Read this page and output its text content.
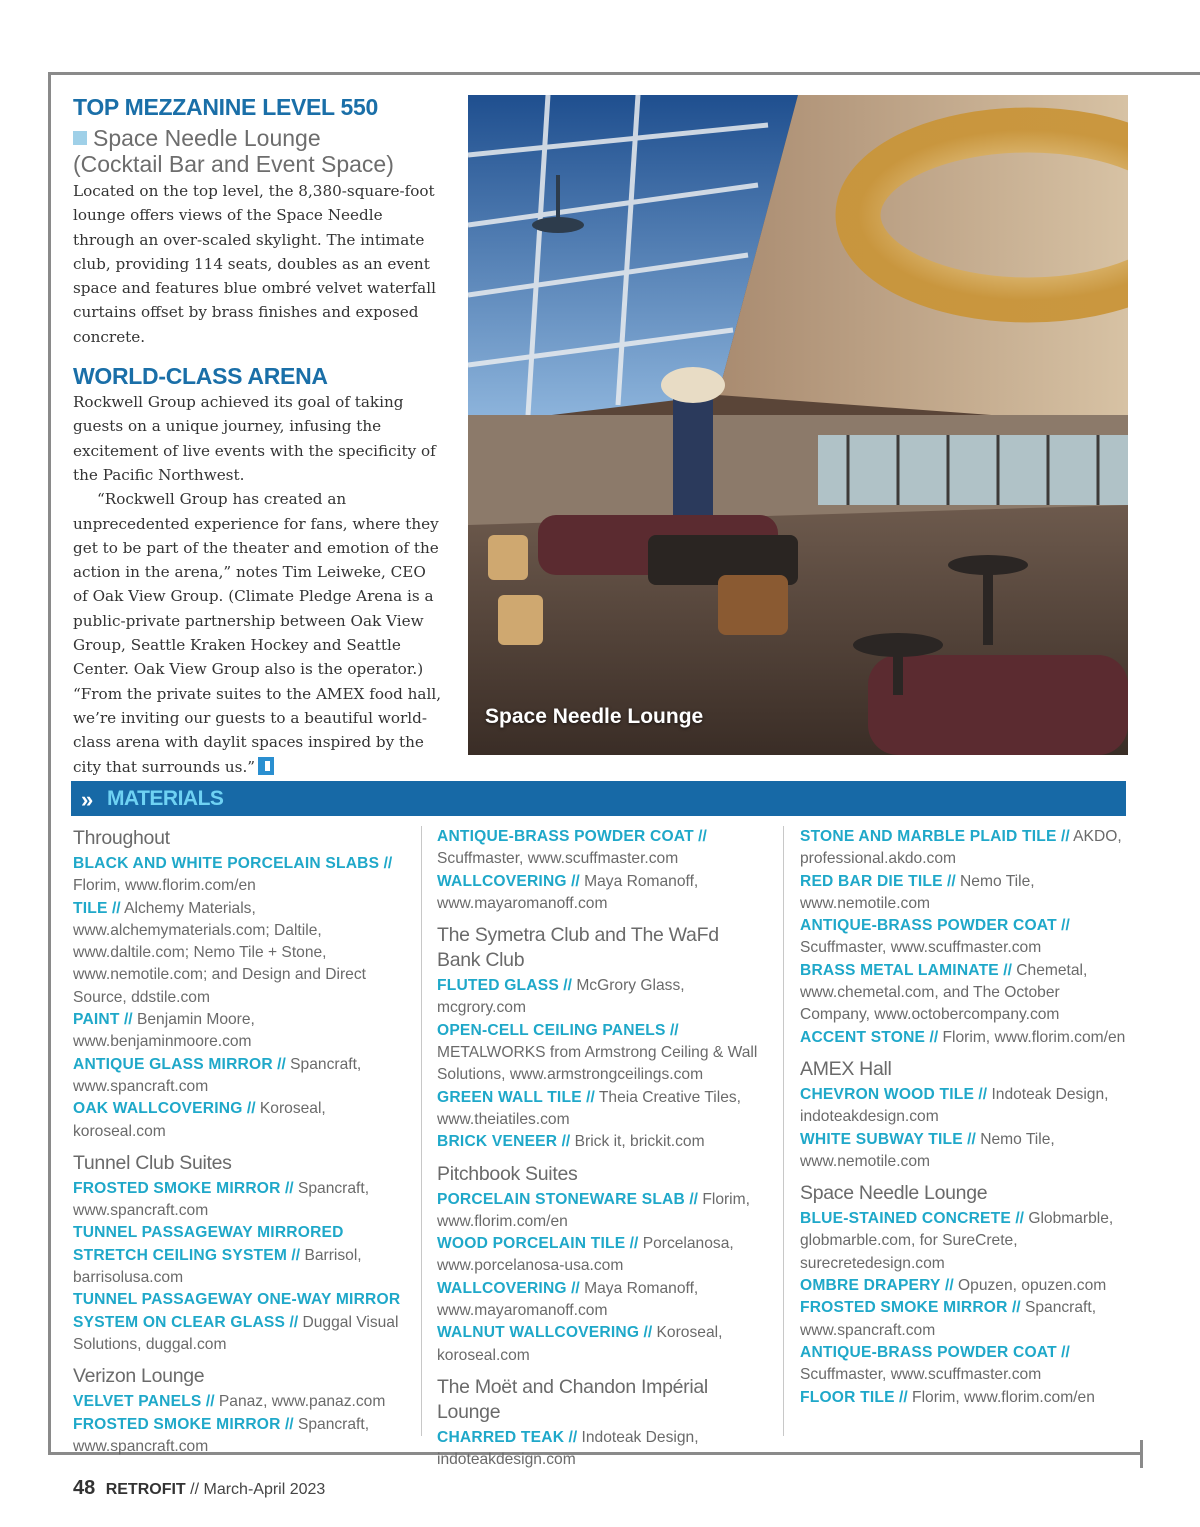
TOP MEZZANINE LEVEL 550
Space Needle Lounge
(Cocktail Bar and Event Space)

Located on the top level, the 8,380-square-foot lounge offers views of the Space Needle through an over-scaled skylight. The intimate club, providing 114 seats, doubles as an event space and features blue ombré velvet waterfall curtains offset by brass finishes and exposed concrete.

WORLD-CLASS ARENA

Rockwell Group achieved its goal of taking guests on a unique journey, infusing the excitement of live events with the specificity of the Pacific Northwest.

“Rockwell Group has created an unprecedented experience for fans, where they get to be part of the theater and emotion of the action in the arena,” notes Tim Leiweke, CEO of Oak View Group. (Climate Pledge Arena is a public-private partnership between Oak View Group, Seattle Kraken Hockey and Seattle Center. Oak View Group also is the operator.) “From the private suites to the AMEX food hall, we’re inviting our guests to a beautiful world-class arena with daylit spaces inspired by the city that surrounds us.”

Space Needle Lounge
» MATERIALS
Throughout

BLACK AND WHITE PORCELAIN SLABS // Florim, www.florim.com/en

TILE // Alchemy Materials, www.alchemymaterials.com; Daltile, www.daltile.com; Nemo Tile + Stone, www.nemotile.com; and Design and Direct Source, ddstile.com

PAINT // Benjamin Moore, www.benjaminmoore.com

ANTIQUE GLASS MIRROR // Spancraft, www.spancraft.com

OAK WALLCOVERING // Koroseal, koroseal.com

Tunnel Club Suites

FROSTED SMOKE MIRROR // Spancraft, www.spancraft.com

TUNNEL PASSAGEWAY MIRRORED STRETCH CEILING SYSTEM // Barrisol, barrisolusa.com

TUNNEL PASSAGEWAY ONE-WAY MIRROR SYSTEM ON CLEAR GLASS // Duggal Visual Solutions, duggal.com

Verizon Lounge

VELVET PANELS // Panaz, www.panaz.com

FROSTED SMOKE MIRROR // Spancraft, www.spancraft.com

ANTIQUE-BRASS POWDER COAT // Scuffmaster, www.scuffmaster.com

WALLCOVERING // Maya Romanoff, www.mayaromanoff.com

The Symetra Club and The WaFd Bank Club

FLUTED GLASS // McGrory Glass, mcgrory.com

OPEN-CELL CEILING PANELS // METALWORKS from Armstrong Ceiling & Wall Solutions, www.armstrongceilings.com

GREEN WALL TILE // Theia Creative Tiles, www.theiatiles.com

BRICK VENEER // Brick it, brickit.com

Pitchbook Suites

PORCELAIN STONEWARE SLAB // Florim, www.florim.com/en

WOOD PORCELAIN TILE // Porcelanosa, www.porcelanosa-usa.com

WALLCOVERING // Maya Romanoff, www.mayaromanoff.com

WALNUT WALLCOVERING // Koroseal, koroseal.com

The Moët and Chandon Impérial Lounge

CHARRED TEAK // Indoteak Design, indoteakdesign.com

STONE AND MARBLE PLAID TILE // AKDO, professional.akdo.com

RED BAR DIE TILE // Nemo Tile, www.nemotile.com

ANTIQUE-BRASS POWDER COAT // Scuffmaster, www.scuffmaster.com

BRASS METAL LAMINATE // Chemetal, www.chemetal.com, and The October Company, www.octobercompany.com

ACCENT STONE // Florim, www.florim.com/en

AMEX Hall

CHEVRON WOOD TILE // Indoteak Design, indoteakdesign.com

WHITE SUBWAY TILE // Nemo Tile, www.nemotile.com

Space Needle Lounge

BLUE-STAINED CONCRETE // Globmarble, globmarble.com, for SureCrete, surecretedesign.com

OMBRE DRAPERY // Opuzen, opuzen.com

FROSTED SMOKE MIRROR // Spancraft, www.spancraft.com

ANTIQUE-BRASS POWDER COAT // Scuffmaster, www.scuffmaster.com

FLOOR TILE // Florim, www.florim.com/en

48 RETROFIT // March-April 2023
